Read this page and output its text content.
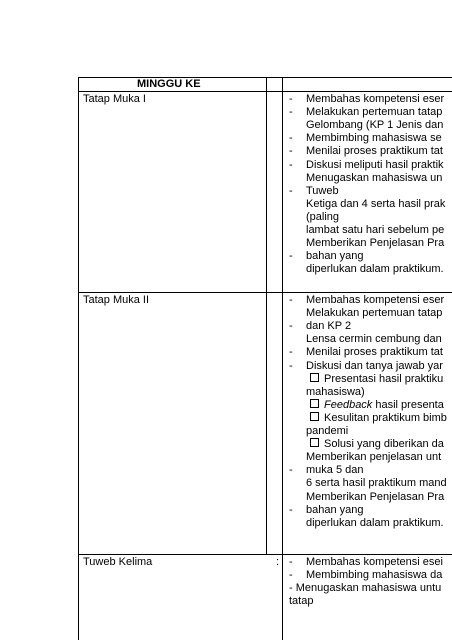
MINGGU KE
Tatap Muka I	- Membahas kompetensi eser
- Melakukan pertemuan tatap
Gelombang (KP 1 Jenis dan
- Membimbing mahasiswa se
- Menilai proses praktikum tat
- Diskusi meliputi hasil praktik
Menugaskan mahasiswa un
- Tuweb
Ketiga dan 4 serta hasil prak
(paling
lambat satu hari sebelum pe
Memberikan Penjelasan Pra
- bahan yang
diperlukan dalam praktikum.
Tatap Muka II	- Membahas kompetensi eser
Melakukan pertemuan tatap
- dan KP 2
Lensa cermin cembung dan
- Menilai proses praktikum tat
- Diskusi dan tanya jawab yar
Presentasi hasil praktiku
mahasiswa)
Feedback hasil presenta
Kesulitan praktikum bimb
pandemi
Solusi yang diberikan da
Memberikan penjelasan unt
- muka 5 dan
6 serta hasil praktikum mand
Memberikan Penjelasan Pra
- bahan yang
diperlukan dalam praktikum.
Tuweb Kelima	: - Membahas kompetensi esei
- Membimbing mahasiswa da
- Menugaskan mahasiswa untu
tatap
